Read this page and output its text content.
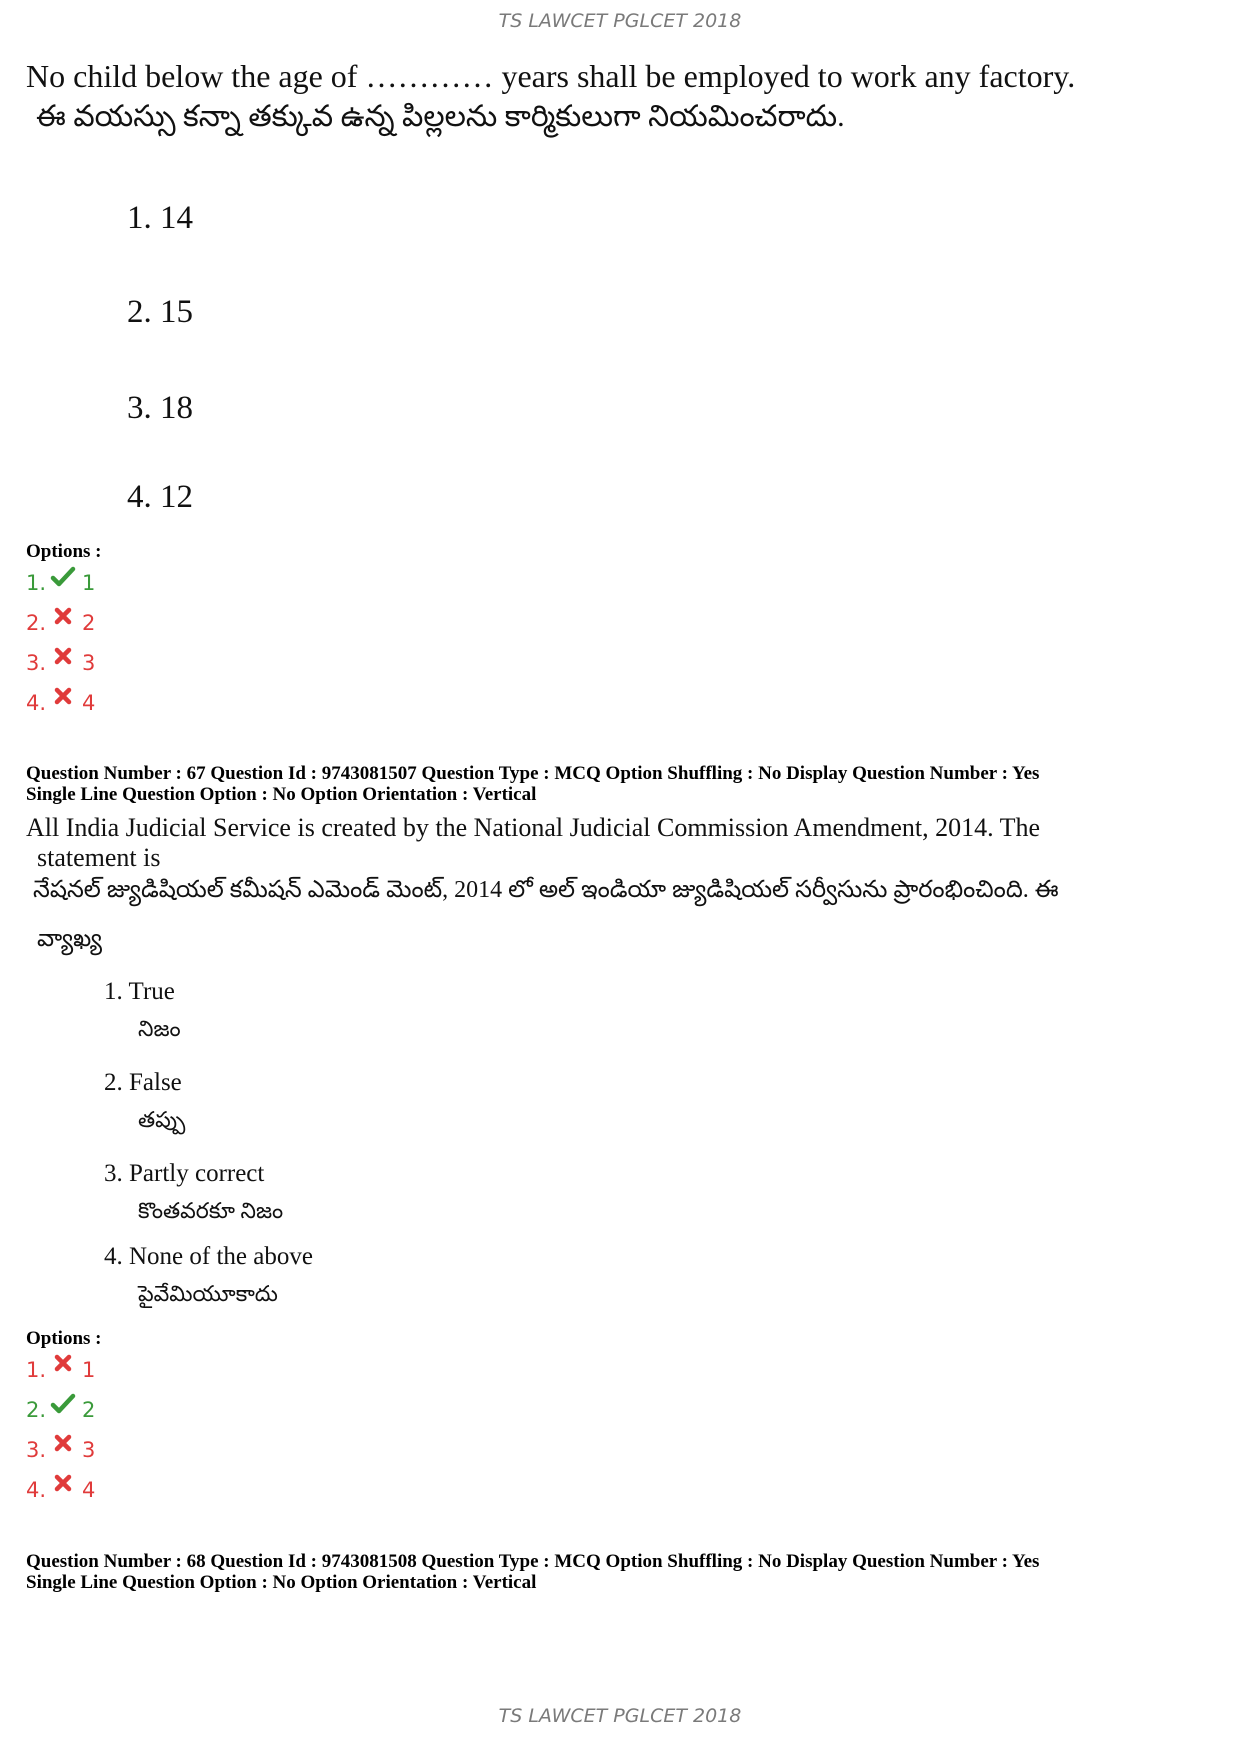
TS LAWCET PGLCET 2018
No child below the age of ………… years shall be employed to work any factory.
ఈ వయస్సు కన్నా తక్కువ ఉన్న పిల్లలను కార్మికులుగా నియమించరాదు.
1. 14
2. 15
3. 18
4. 12
Options :
1. 1
2. 2
3. 3
4. 4
Question Number : 67 Question Id : 9743081507 Question Type : MCQ Option Shuffling : No Display Question Number : Yes
Single Line Question Option : No Option Orientation : Vertical
All India Judicial Service is created by the National Judicial Commission Amendment, 2014. The
statement is
నేషనల్ జ్యుడిషియల్ కమీషన్ ఎమెండ్ మెంట్, 2014 లో అల్ ఇండియా జ్యుడిషియల్ సర్వీసును ప్రారంభించింది. ఈ
వ్యాఖ్య
1. True
నిజం
2. False
తప్పు
3. Partly correct
కొంతవరకూ నిజం
4. None of the above
పైవేమియూకాదు
Options :
1. 1
2. 2
3. 3
4. 4
Question Number : 68 Question Id : 9743081508 Question Type : MCQ Option Shuffling : No Display Question Number : Yes
Single Line Question Option : No Option Orientation : Vertical
TS LAWCET PGLCET 2018
